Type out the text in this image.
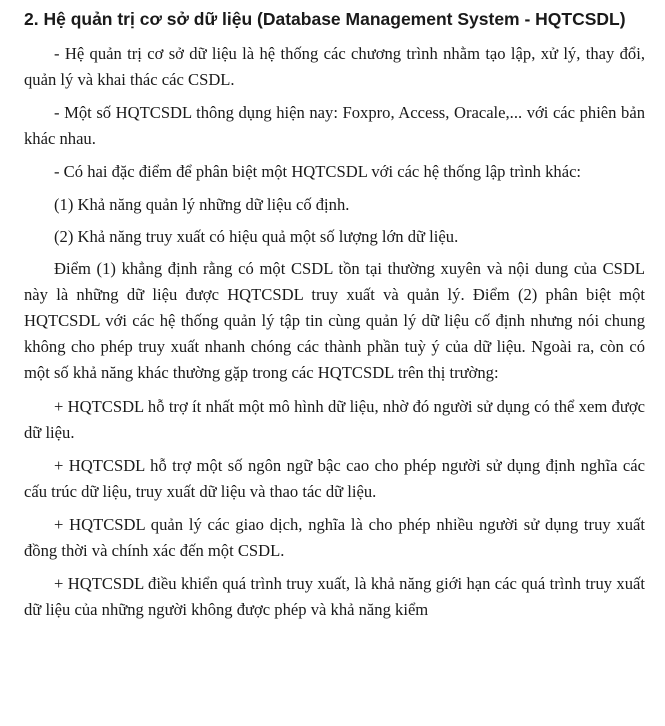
2. Hệ quản trị cơ sở dữ liệu (Database Management System - HQTCSDL)

- Hệ quản trị cơ sở dữ liệu là hệ thống các chương trình nhằm tạo lập, xử lý, thay đổi, quản lý và khai thác các CSDL.

- Một số HQTCSDL thông dụng hiện nay: Foxpro, Access, Oracale,... với các phiên bản khác nhau.

- Có hai đặc điểm để phân biệt một HQTCSDL với các hệ thống lập trình khác:

(1) Khả năng quản lý những dữ liệu cố định.

(2) Khả năng truy xuất có hiệu quả một số lượng lớn dữ liệu.

Điểm (1) khẳng định rằng có một CSDL tồn tại thường xuyên và nội dung của CSDL này là những dữ liệu được HQTCSDL truy xuất và quản lý. Điểm (2) phân biệt một HQTCSDL với các hệ thống quản lý tập tin cùng quản lý dữ liệu cố định nhưng nói chung không cho phép truy xuất nhanh chóng các thành phần tuỳ ý của dữ liệu. Ngoài ra, còn có một số khả năng khác thường gặp trong các HQTCSDL trên thị trường:

+ HQTCSDL hỗ trợ ít nhất một mô hình dữ liệu, nhờ đó người sử dụng có thể xem được dữ liệu.

+ HQTCSDL hỗ trợ một số ngôn ngữ bậc cao cho phép người sử dụng định nghĩa các cấu trúc dữ liệu, truy xuất dữ liệu và thao tác dữ liệu.

+ HQTCSDL quản lý các giao dịch, nghĩa là cho phép nhiều người sử dụng truy xuất đồng thời và chính xác đến một CSDL.

+ HQTCSDL điều khiển quá trình truy xuất, là khả năng giới hạn các quá trình truy xuất dữ liệu của những người không được phép và khả năng kiểm
